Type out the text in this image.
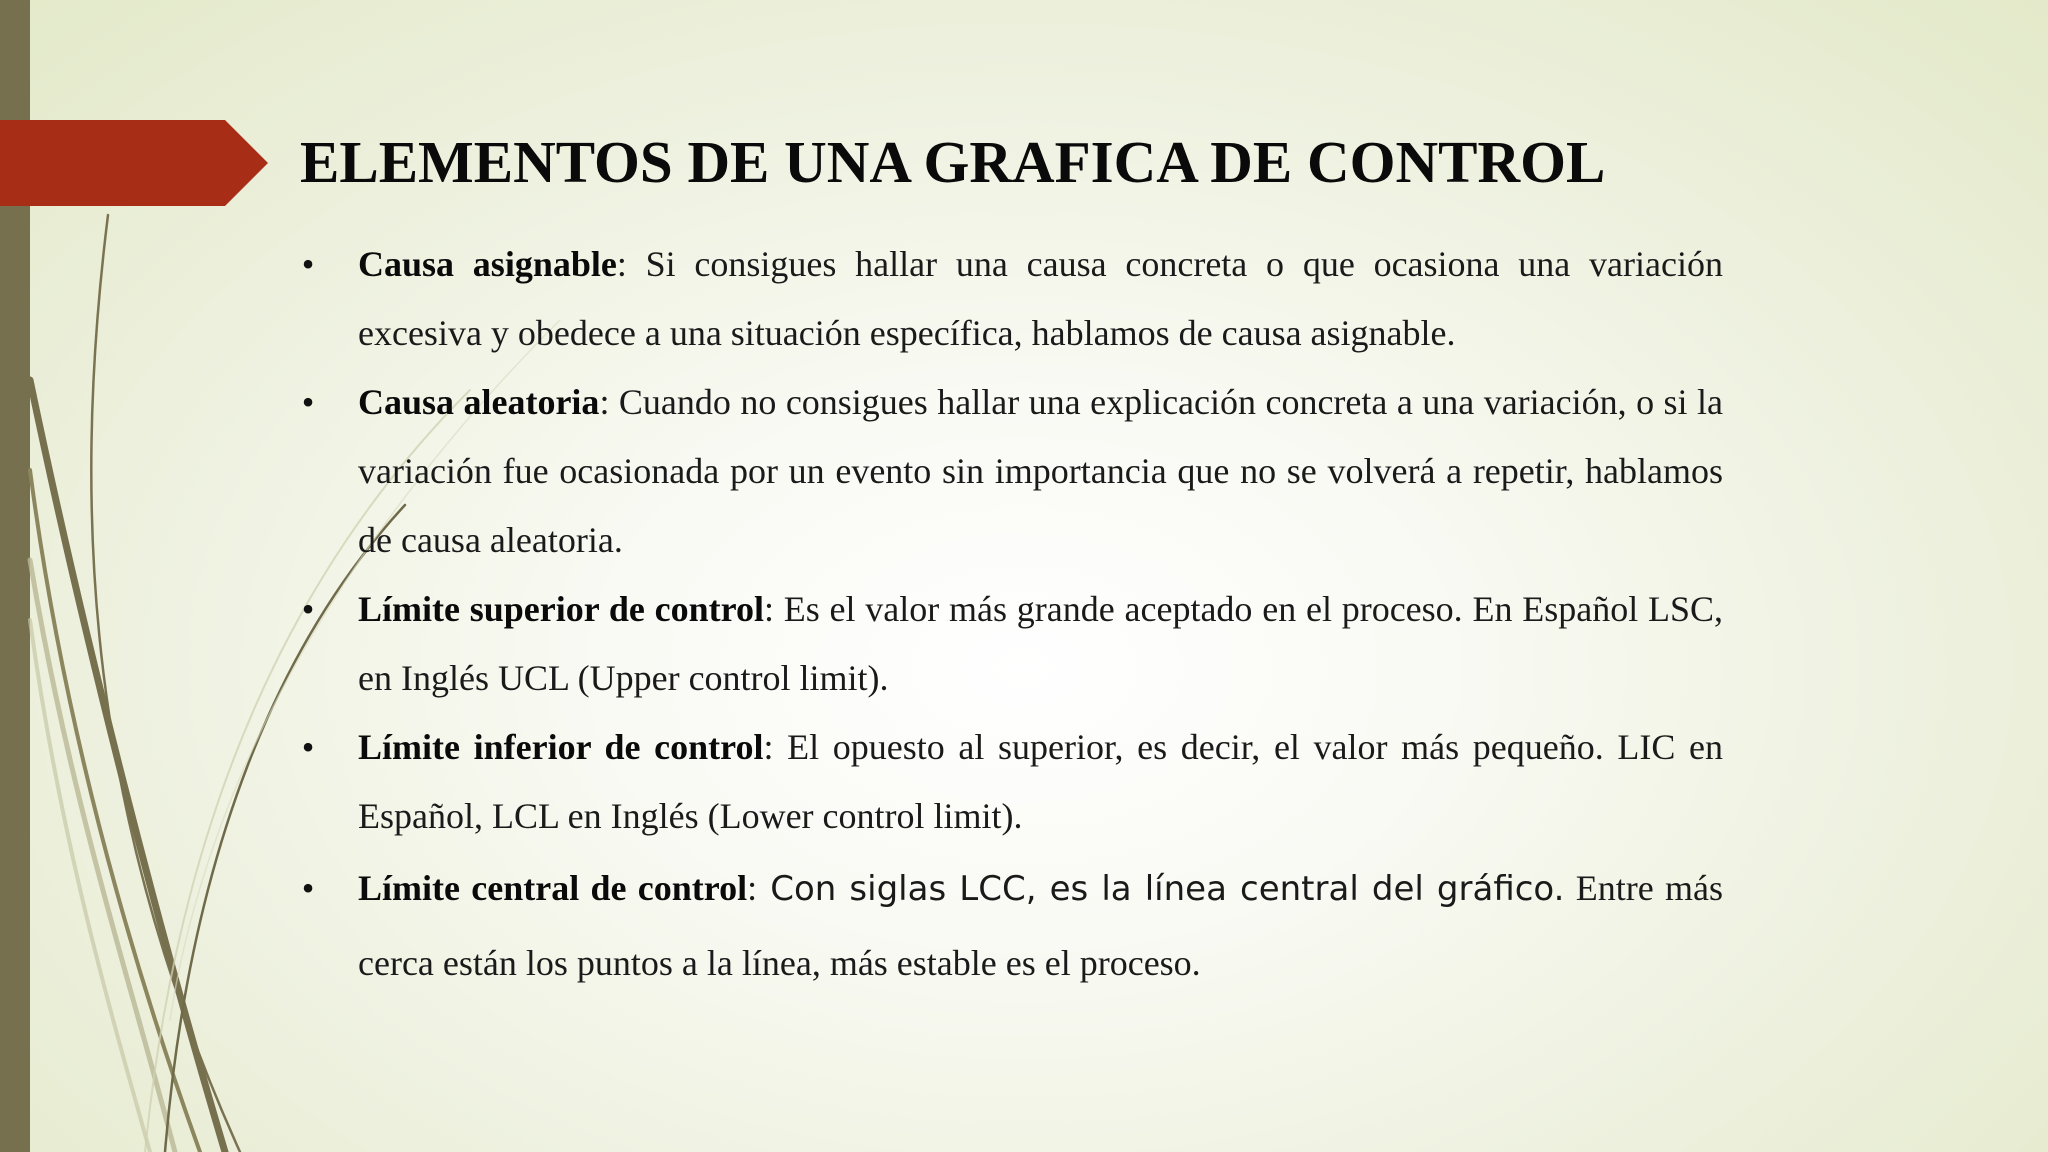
ELEMENTOS DE UNA GRAFICA DE CONTROL
• Causa asignable: Si consigues hallar una causa concreta o que ocasiona una variación excesiva y obedece a una situación específica, hablamos de causa asignable.
• Causa aleatoria: Cuando no consigues hallar una explicación concreta a una variación, o si la variación fue ocasionada por un evento sin importancia que no se volverá a repetir, hablamos de causa aleatoria.
• Límite superior de control: Es el valor más grande aceptado en el proceso. En Español LSC, en Inglés UCL (Upper control limit).
• Límite inferior de control: El opuesto al superior, es decir, el valor más pequeño. LIC en Español, LCL en Inglés (Lower control limit).
• Límite central de control: Con siglas LCC, es la línea central del gráfico. Entre más cerca están los puntos a la línea, más estable es el proceso.
